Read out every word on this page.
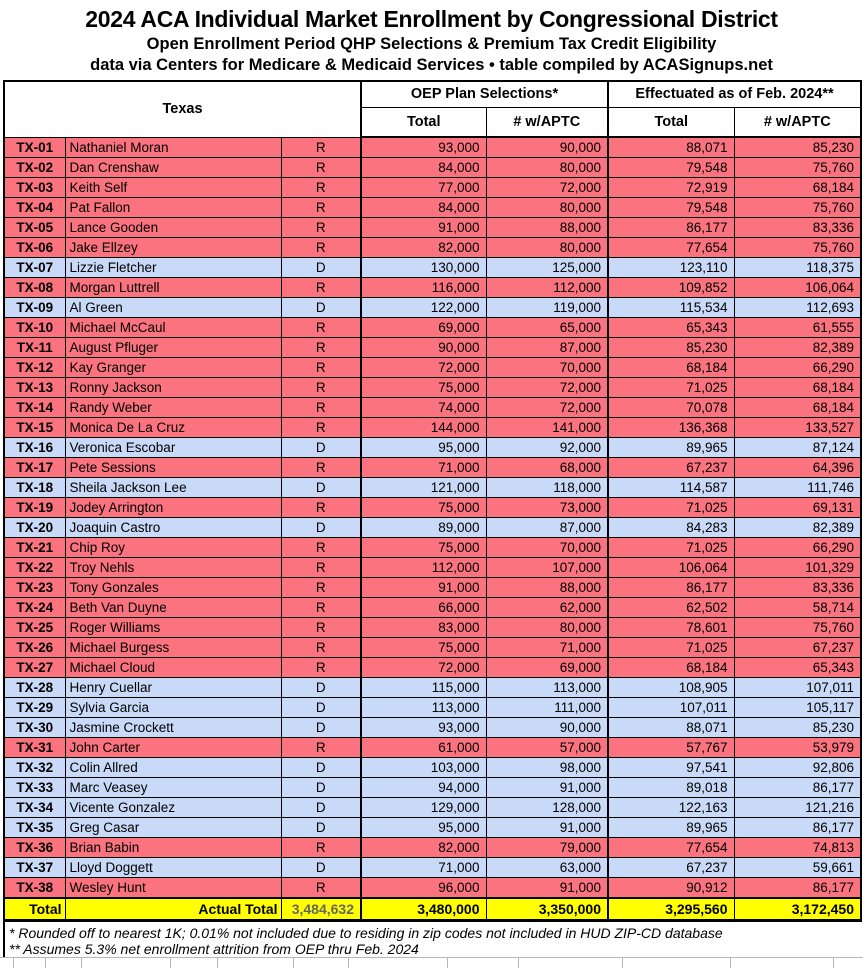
2024 ACA Individual Market Enrollment by Congressional District
Open Enrollment Period QHP Selections & Premium Tax Credit Eligibility
data via Centers for Medicare & Medicaid Services • table compiled by ACASignups.net
Texas			OEP Plan Selections*		Effectuated as of Feb. 2024**	
			Total	# w/APTC	Total	# w/APTC
TX-01	Nathaniel Moran	R	93,000	90,000	88,071	85,230
TX-02	Dan Crenshaw	R	84,000	80,000	79,548	75,760
TX-03	Keith Self	R	77,000	72,000	72,919	68,184
TX-04	Pat Fallon	R	84,000	80,000	79,548	75,760
TX-05	Lance Gooden	R	91,000	88,000	86,177	83,336
TX-06	Jake Ellzey	R	82,000	80,000	77,654	75,760
TX-07	Lizzie Fletcher	D	130,000	125,000	123,110	118,375
TX-08	Morgan Luttrell	R	116,000	112,000	109,852	106,064
TX-09	Al Green	D	122,000	119,000	115,534	112,693
TX-10	Michael McCaul	R	69,000	65,000	65,343	61,555
TX-11	August Pfluger	R	90,000	87,000	85,230	82,389
TX-12	Kay Granger	R	72,000	70,000	68,184	66,290
TX-13	Ronny Jackson	R	75,000	72,000	71,025	68,184
TX-14	Randy Weber	R	74,000	72,000	70,078	68,184
TX-15	Monica De La Cruz	R	144,000	141,000	136,368	133,527
TX-16	Veronica Escobar	D	95,000	92,000	89,965	87,124
TX-17	Pete Sessions	R	71,000	68,000	67,237	64,396
TX-18	Sheila Jackson Lee	D	121,000	118,000	114,587	111,746
TX-19	Jodey Arrington	R	75,000	73,000	71,025	69,131
TX-20	Joaquin Castro	D	89,000	87,000	84,283	82,389
TX-21	Chip Roy	R	75,000	70,000	71,025	66,290
TX-22	Troy Nehls	R	112,000	107,000	106,064	101,329
TX-23	Tony Gonzales	R	91,000	88,000	86,177	83,336
TX-24	Beth Van Duyne	R	66,000	62,000	62,502	58,714
TX-25	Roger Williams	R	83,000	80,000	78,601	75,760
TX-26	Michael Burgess	R	75,000	71,000	71,025	67,237
TX-27	Michael Cloud	R	72,000	69,000	68,184	65,343
TX-28	Henry Cuellar	D	115,000	113,000	108,905	107,011
TX-29	Sylvia Garcia	D	113,000	111,000	107,011	105,117
TX-30	Jasmine Crockett	D	93,000	90,000	88,071	85,230
TX-31	John Carter	R	61,000	57,000	57,767	53,979
TX-32	Colin Allred	D	103,000	98,000	97,541	92,806
TX-33	Marc Veasey	D	94,000	91,000	89,018	86,177
TX-34	Vicente Gonzalez	D	129,000	128,000	122,163	121,216
TX-35	Greg Casar	D	95,000	91,000	89,965	86,177
TX-36	Brian Babin	R	82,000	79,000	77,654	74,813
TX-37	Lloyd Doggett	D	71,000	63,000	67,237	59,661
TX-38	Wesley Hunt	R	96,000	91,000	90,912	86,177
Total	Actual Total	3,484,632	3,480,000	3,350,000	3,295,560	3,172,450
* Rounded off to nearest 1K; 0.01% not included due to residing in zip codes not included in HUD ZIP-CD database
** Assumes 5.3% net enrollment attrition from OEP thru Feb. 2024
